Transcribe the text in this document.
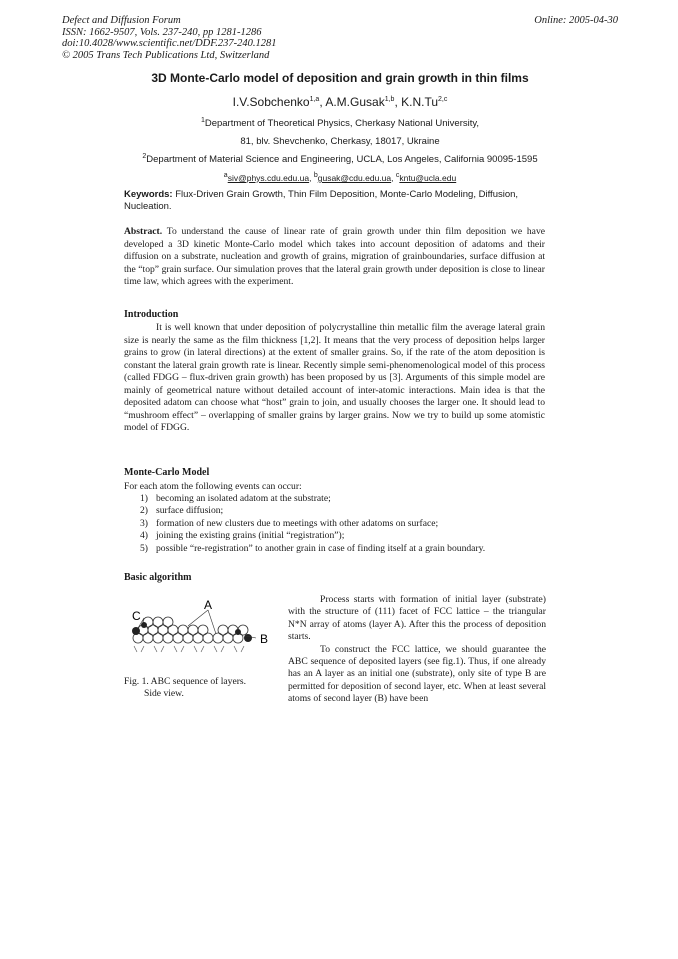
Defect and Diffusion Forum
ISSN: 1662-9507, Vols. 237-240, pp 1281-1286
doi:10.4028/www.scientific.net/DDF.237-240.1281
© 2005 Trans Tech Publications Ltd, Switzerland
Online: 2005-04-30
3D Monte-Carlo model of deposition and grain growth in thin films
I.V.Sobchenko$^{1,a}$, A.M.Gusak$^{1,b}$, K.N.Tu$^{2,c}$
$^1$Department of Theoretical Physics, Cherkasy National University,
81, blv. Shevchenko, Cherkasy, 18017, Ukraine
$^2$Department of Material Science and Engineering, UCLA, Los Angeles, California 90095-1595
$^a$siv@phys.cdu.edu.ua, $^b$gusak@cdu.edu.ua, $^c$kntu@ucla.edu
Keywords: Flux-Driven Grain Growth, Thin Film Deposition, Monte-Carlo Modeling, Diffusion, Nucleation.
Abstract. To understand the cause of linear rate of grain growth under thin film deposition we have developed a 3D kinetic Monte-Carlo model which takes into account deposition of adatoms and their diffusion on a substrate, nucleation and growth of grains, migration of grainboundaries, surface diffusion at the “top” grain surface. Our simulation proves that the lateral grain growth under deposition is close to linear time law, which agrees with the experiment.
Introduction

It is well known that under deposition of polycrystalline thin metallic film the average lateral grain size is nearly the same as the film thickness [1,2]. It means that the very process of deposition helps larger grains to grow (in lateral directions) at the extent of smaller grains. So, if the rate of the atom deposition is constant the lateral grain growth rate is linear. Recently simple semi-phenomenological model of this process (called FDGG – flux-driven grain growth) has been proposed by us [3]. Arguments of this simple model are mainly of geometrical nature without detailed account of inter-atomic interactions. Main idea is that the deposited adatom can choose what “host” grain to join, and usually chooses the larger one. It should lead to “mushroom effect” – overlapping of smaller grains by larger grains. Now we try to build up some atomistic model of FDGG.

Monte-Carlo Model

For each atom the following events can occur:

1) becoming an isolated adatom at the substrate;
2) surface diffusion;
3) formation of new clusters due to meetings with other adatoms on surface;
4) joining the existing grains (initial “registration”);
5) possible “re-registration” to another grain in case of finding itself at a grain boundary.
Basic algorithm
A
C
B
Fig. 1. ABC sequence of layers.
Side view.

Process starts with formation of initial layer (substrate) with the structure of (111) facet of FCC lattice – the triangular N*N array of atoms (layer A). After this the process of deposition starts.

To construct the FCC lattice, we should guarantee the ABC sequence of deposited layers (see fig.1). Thus, if one already has an A layer as an initial one (substrate), only site of type B are permitted for deposition of second layer, etc. When at least several atoms of second layer (B) have been
